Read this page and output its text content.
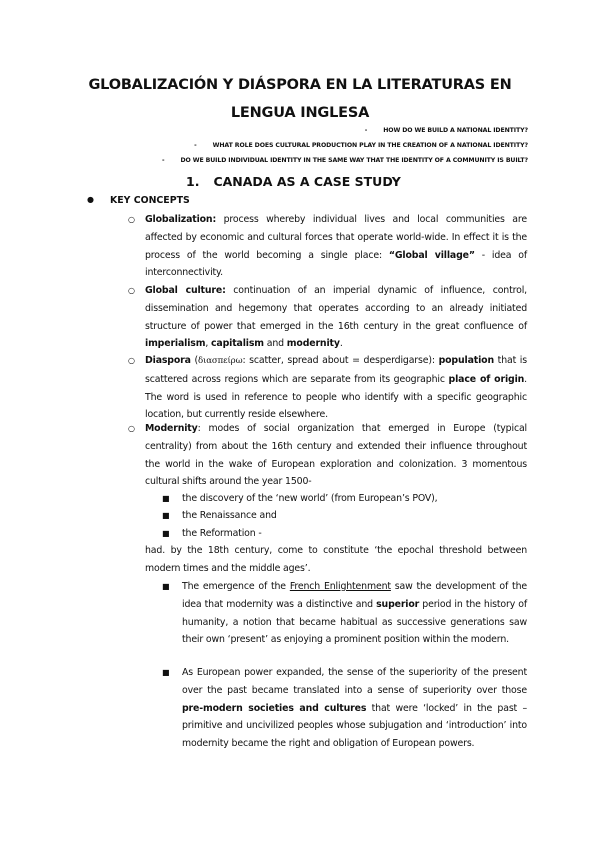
GLOBALIZACIÓN Y DIÁSPORA EN LA LITERATURAS EN
LENGUA INGLESA
-	HOW DO WE BUILD A NATIONAL IDENTITY?
-	WHAT ROLE DOES CULTURAL PRODUCTION PLAY IN THE CREATION OF A NATIONAL IDENTITY?
-	DO WE BUILD INDIVIDUAL IDENTITY IN THE SAME WAY THAT THE IDENTITY OF A COMMUNITY IS BUILT?
1. CANADA AS A CASE STUDY
● KEY CONCEPTS
○ Globalization: process whereby individual lives and local communities are affected by economic and cultural forces that operate world-wide. In effect it is the process of the world becoming a single place: “Global village” - idea of interconnectivity.
○ Global culture: continuation of an imperial dynamic of influence, control, dissemination and hegemony that operates according to an already initiated structure of power that emerged in the 16th century in the great confluence of imperialism, capitalism and modernity.
○ Diaspora (διασπείρω: scatter, spread about = desperdigarse): population that is scattered across regions which are separate from its geographic place of origin. The word is used in reference to people who identify with a specific geographic location, but currently reside elsewhere.
○ Modernity: modes of social organization that emerged in Europe (typical centrality) from about the 16th century and extended their influence throughout the world in the wake of European exploration and colonization. 3 momentous cultural shifts around the year 1500-
■ the discovery of the ‘new world’ (from European’s POV),
■ the Renaissance and
■ the Reformation -
had. by the 18th century, come to constitute ‘the epochal threshold between modern times and the middle ages’.
■ The emergence of the French Enlightenment saw the development of the idea that modernity was a distinctive and superior period in the history of humanity, a notion that became habitual as successive generations saw their own ‘present’ as enjoying a prominent position within the modern.
■ As European power expanded, the sense of the superiority of the present over the past became translated into a sense of superiority over those pre-modern societies and cultures that were ‘locked’ in the past – primitive and uncivilized peoples whose subjugation and ‘introduction’ into modernity became the right and obligation of European powers.
